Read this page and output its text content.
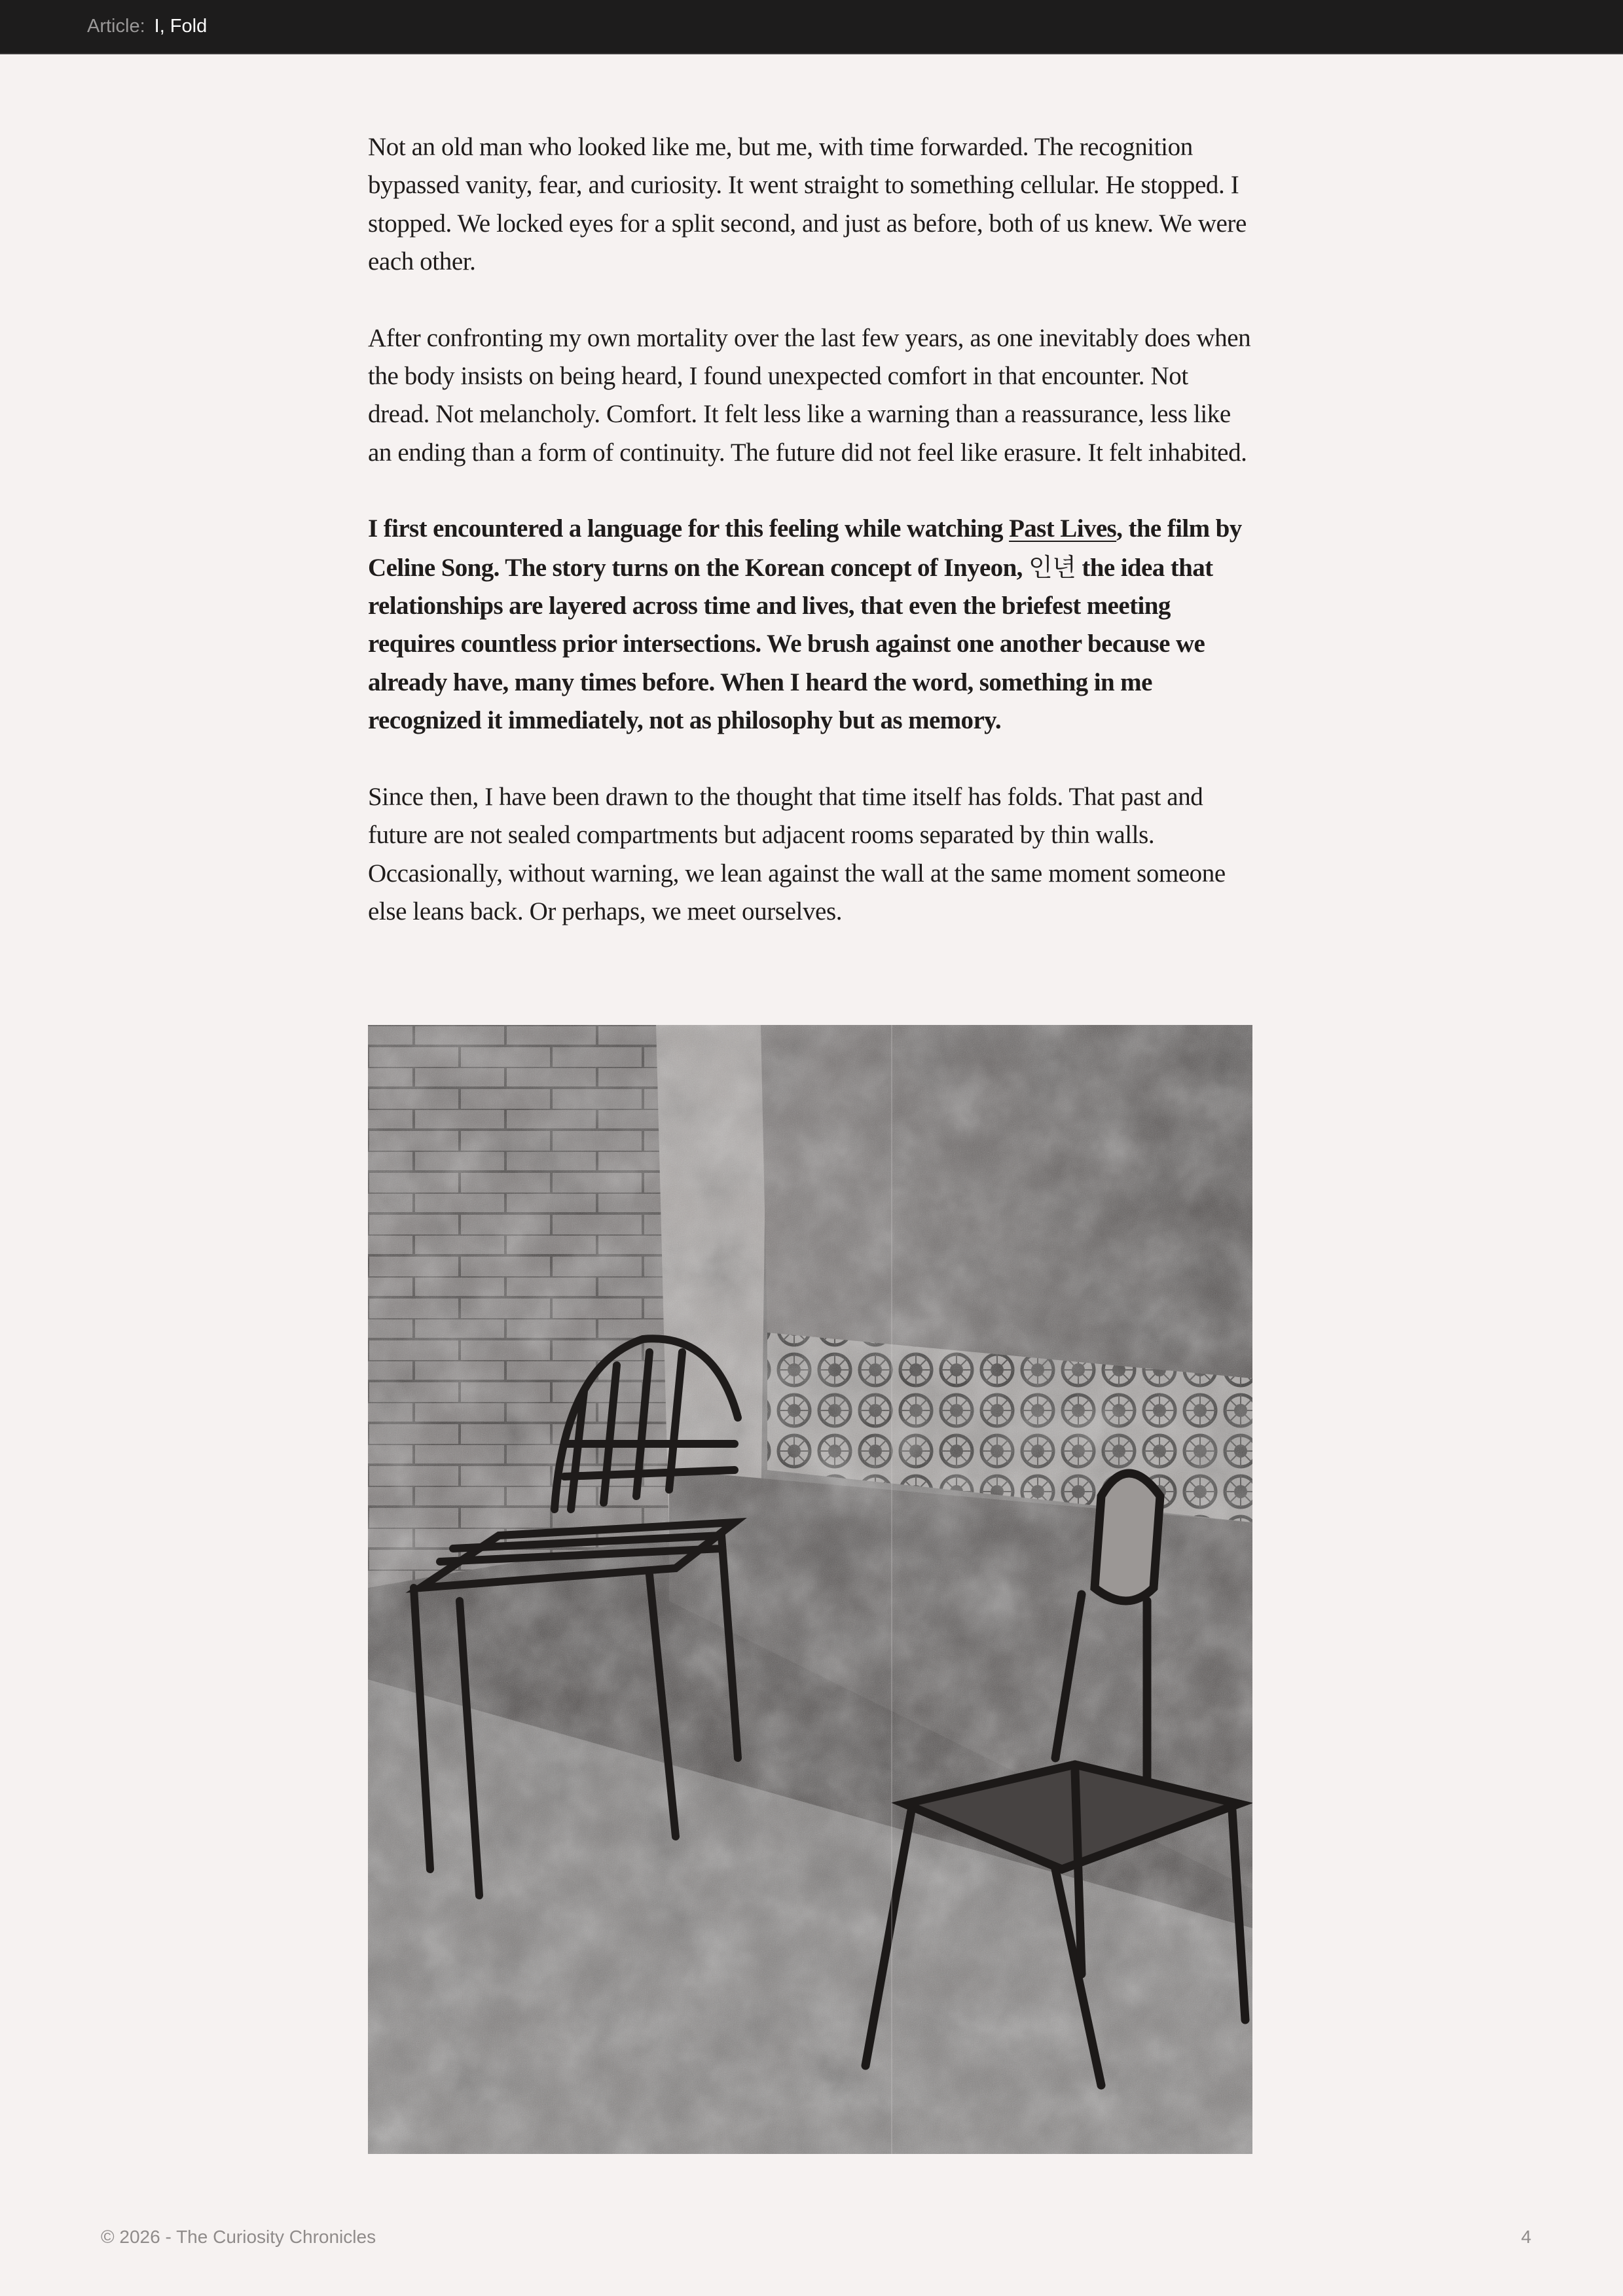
Article: I, Fold

Not an old man who looked like me, but me, with time forwarded. The recognition bypassed vanity, fear, and curiosity. It went straight to something cellular. He stopped. I stopped. We locked eyes for a split second, and just as before, both of us knew. We were each other.

After confronting my own mortality over the last few years, as one inevitably does when the body insists on being heard, I found unexpected comfort in that encounter. Not dread. Not melancholy. Comfort. It felt less like a warning than a reassurance, less like an ending than a form of continuity. The future did not feel like erasure. It felt inhabited.

I first encountered a language for this feeling while watching Past Lives, the film by Celine Song. The story turns on the Korean concept of Inyeon, 인년 the idea that relationships are layered across time and lives, that even the briefest meeting requires countless prior intersections. We brush against one another because we already have, many times before. When I heard the word, something in me recognized it immediately, not as philosophy but as memory.

Since then, I have been drawn to the thought that time itself has folds. That past and future are not sealed compartments but adjacent rooms separated by thin walls. Occasionally, without warning, we lean against the wall at the same moment someone else leans back. Or perhaps, we meet ourselves.

© 2026 - The Curiosity Chronicles	4
